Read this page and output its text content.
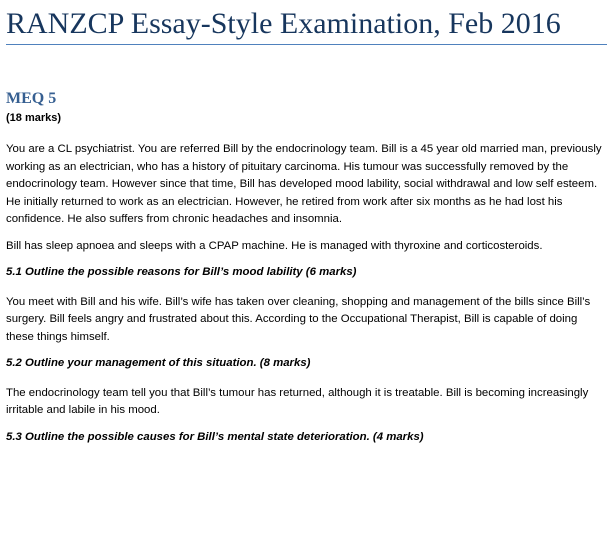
RANZCP Essay-Style Examination, Feb 2016
MEQ 5
(18 marks)

You are a CL psychiatrist. You are referred Bill by the endocrinology team. Bill is a 45 year old married man, previously working as an electrician, who has a history of pituitary carcinoma. His tumour was successfully removed by the endocrinology team. However since that time, Bill has developed mood lability, social withdrawal and low self esteem. He initially returned to work as an electrician. However, he retired from work after six months as he had lost his confidence. He also suffers from chronic headaches and insomnia.

Bill has sleep apnoea and sleeps with a CPAP machine. He is managed with thyroxine and corticosteroids.

5.1 Outline the possible reasons for Bill’s mood lability (6 marks)

You meet with Bill and his wife. Bill’s wife has taken over cleaning, shopping and management of the bills since Bill’s surgery. Bill feels angry and frustrated about this. According to the Occupational Therapist, Bill is capable of doing these things himself.

5.2 Outline your management of this situation. (8 marks)

The endocrinology team tell you that Bill’s tumour has returned, although it is treatable. Bill is becoming increasingly irritable and labile in his mood.

5.3 Outline the possible causes for Bill’s mental state deterioration. (4 marks)
